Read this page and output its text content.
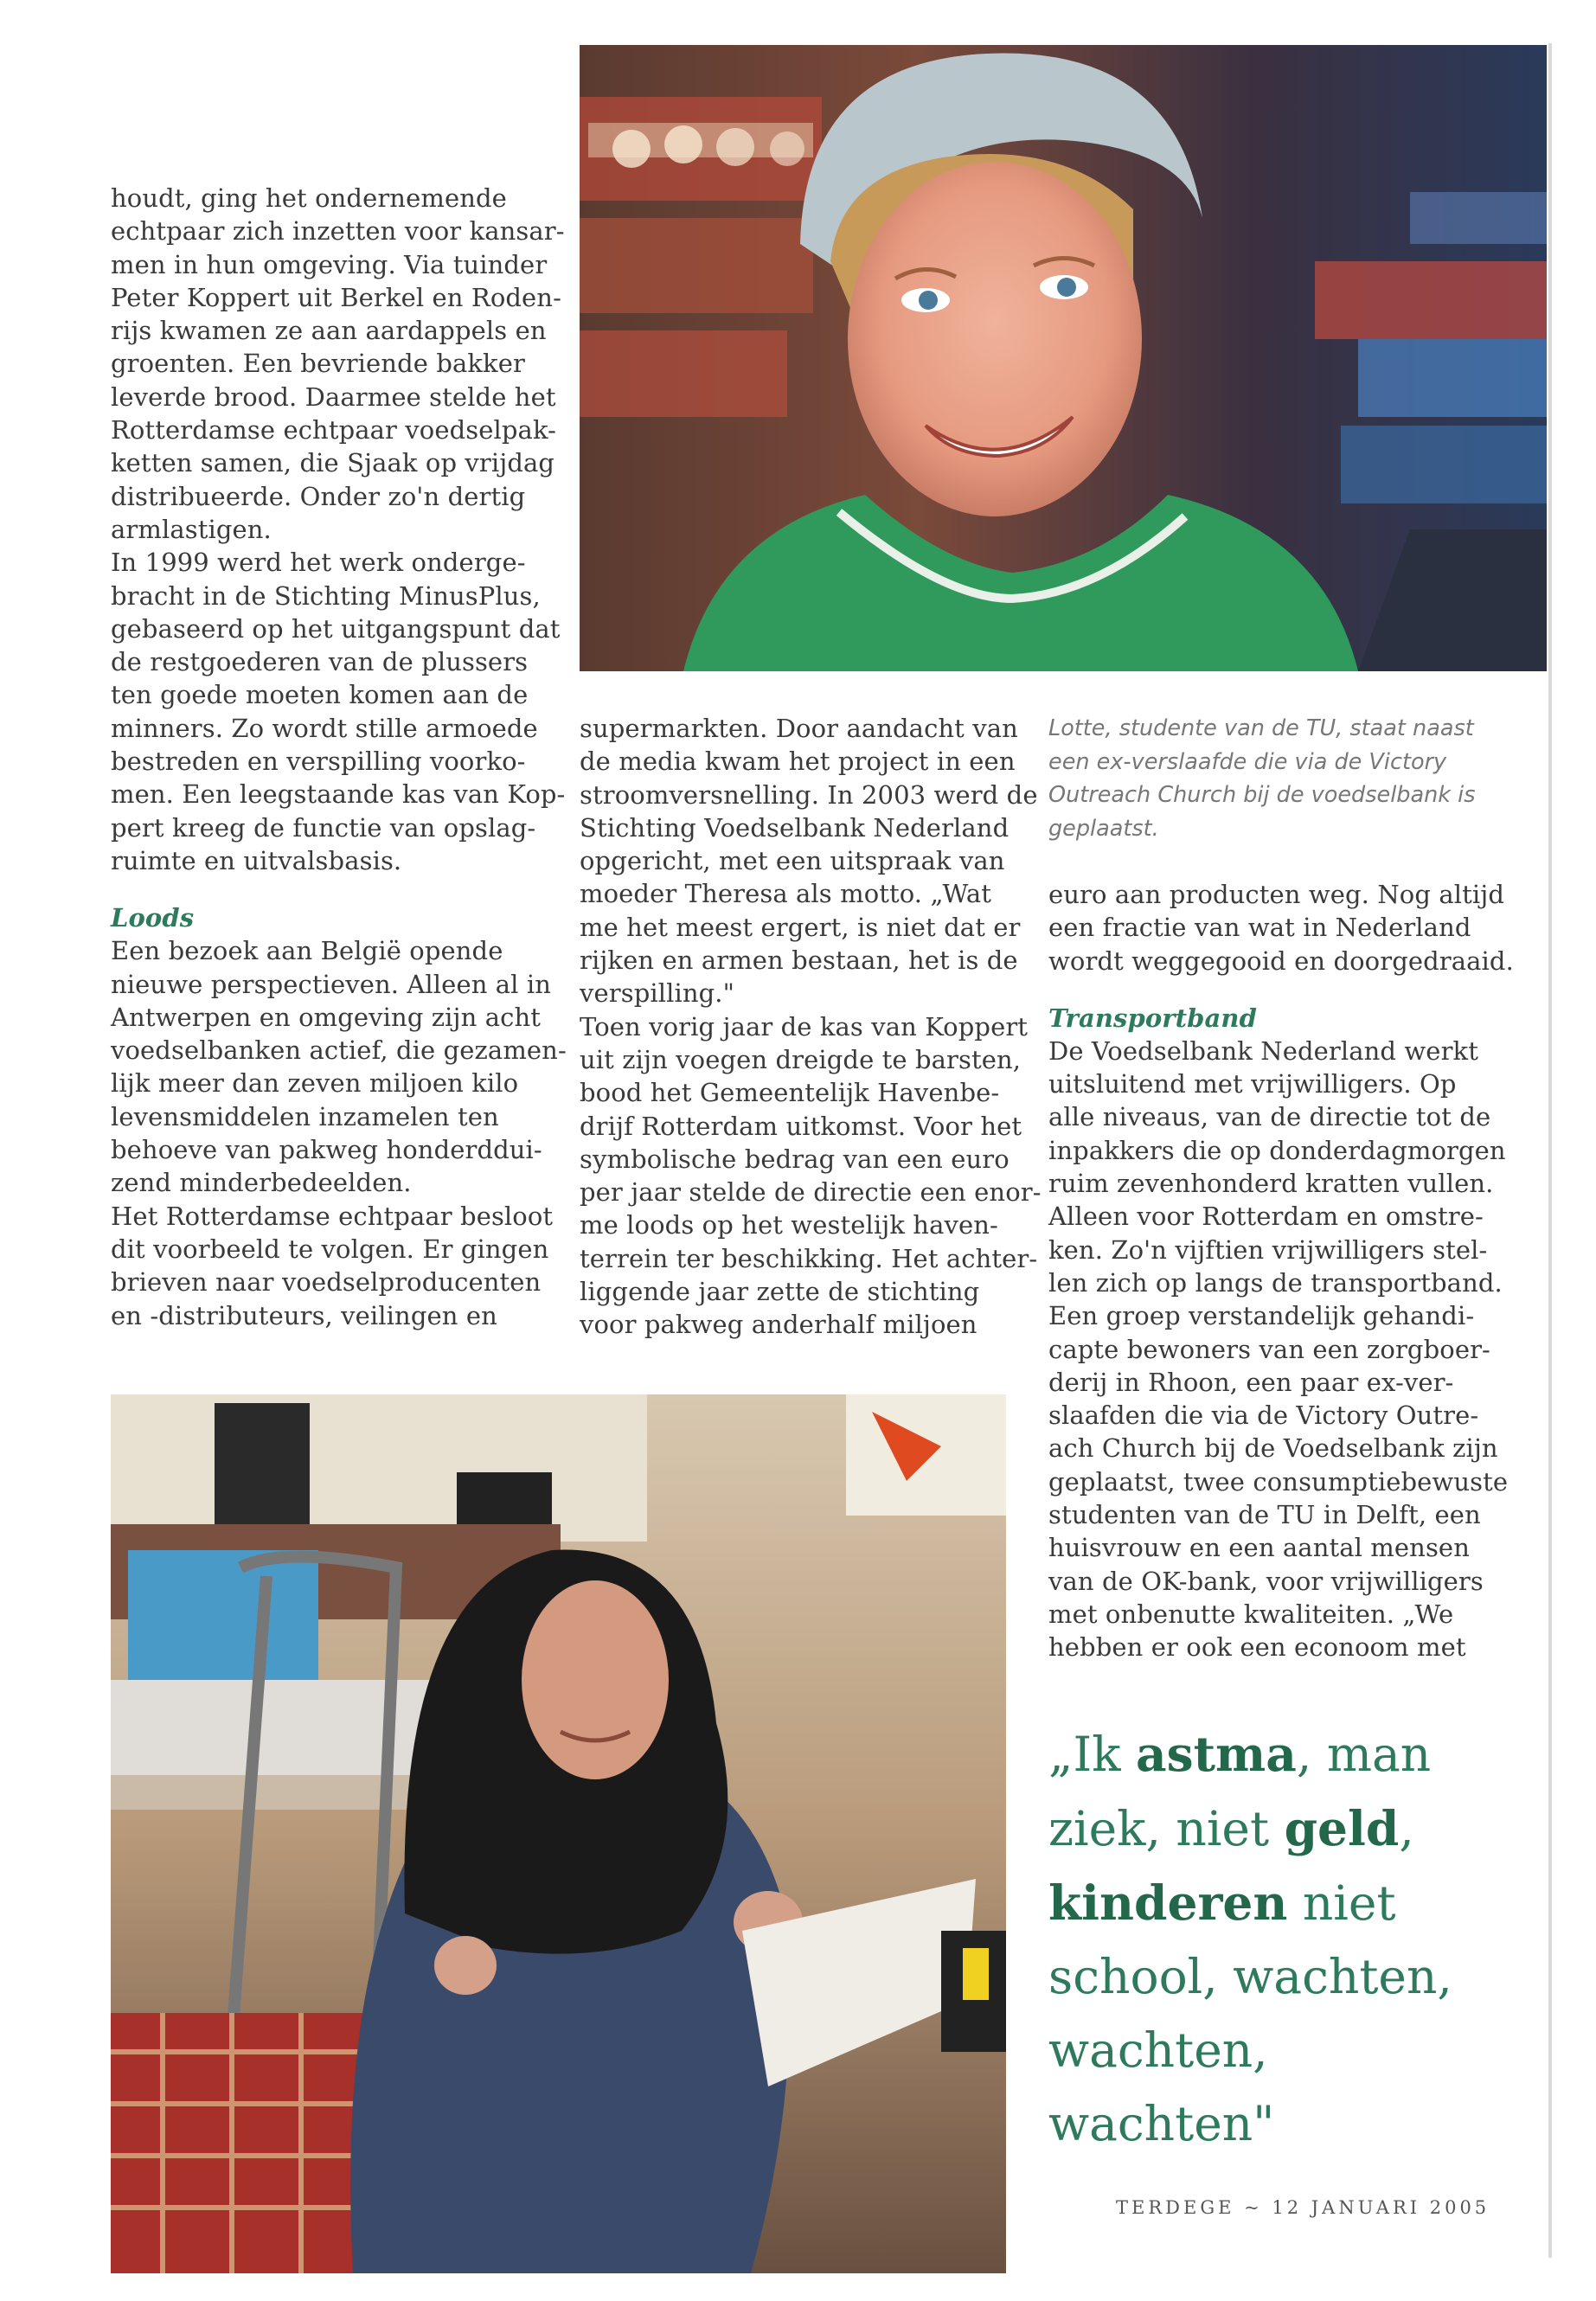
houdt, ging het ondernemende
echtpaar zich inzetten voor kansar-
men in hun omgeving. Via tuinder
Peter Koppert uit Berkel en Roden-
rijs kwamen ze aan aardappels en
groenten. Een bevriende bakker
leverde brood. Daarmee stelde het
Rotterdamse echtpaar voedselpak-
ketten samen, die Sjaak op vrijdag
distribueerde. Onder zo'n dertig
armlastigen.
In 1999 werd het werk onderge-
bracht in de Stichting MinusPlus,
gebaseerd op het uitgangspunt dat
de restgoederen van de plussers
ten goede moeten komen aan de
minners. Zo wordt stille armoede
bestreden en verspilling voorko-
men. Een leegstaande kas van Kop-
pert kreeg de functie van opslag-
ruimte en uitvalsbasis.
Loods
Een bezoek aan België opende
nieuwe perspectieven. Alleen al in
Antwerpen en omgeving zijn acht
voedselbanken actief, die gezamen-
lijk meer dan zeven miljoen kilo
levensmiddelen inzamelen ten
behoeve van pakweg honderddui-
zend minderbedeelden.
Het Rotterdamse echtpaar besloot
dit voorbeeld te volgen. Er gingen
brieven naar voedselproducenten
en -distributeurs, veilingen en
supermarkten. Door aandacht van
de media kwam het project in een
stroomversnelling. In 2003 werd de
Stichting Voedselbank Nederland
opgericht, met een uitspraak van
moeder Theresa als motto. „Wat
me het meest ergert, is niet dat er
rijken en armen bestaan, het is de
verspilling."
Toen vorig jaar de kas van Koppert
uit zijn voegen dreigde te barsten,
bood het Gemeentelijk Havenbe-
drijf Rotterdam uitkomst. Voor het
symbolische bedrag van een euro
per jaar stelde de directie een enor-
me loods op het westelijk haven-
terrein ter beschikking. Het achter-
liggende jaar zette de stichting
voor pakweg anderhalf miljoen
Lotte, studente van de TU, staat naast
een ex-verslaafde die via de Victory
Outreach Church bij de voedselbank is
geplaatst.
euro aan producten weg. Nog altijd
een fractie van wat in Nederland
wordt weggegooid en doorgedraaid.
Transportband
De Voedselbank Nederland werkt
uitsluitend met vrijwilligers. Op
alle niveaus, van de directie tot de
inpakkers die op donderdagmorgen
ruim zevenhonderd kratten vullen.
Alleen voor Rotterdam en omstre-
ken. Zo'n vijftien vrijwilligers stel-
len zich op langs de transportband.
Een groep verstandelijk gehandi-
capte bewoners van een zorgboer-
derij in Rhoon, een paar ex-ver-
slaafden die via de Victory Outre-
ach Church bij de Voedselbank zijn
geplaatst, twee consumptiebewuste
studenten van de TU in Delft, een
huisvrouw en een aantal mensen
van de OK-bank, voor vrijwilligers
met onbenutte kwaliteiten. „We
hebben er ook een econoom met
„Ik astma, man
ziek, niet geld,
kinderen niet
school, wachten,
wachten,
wachten"
TERDEGE ~ 12 JANUARI 2005
